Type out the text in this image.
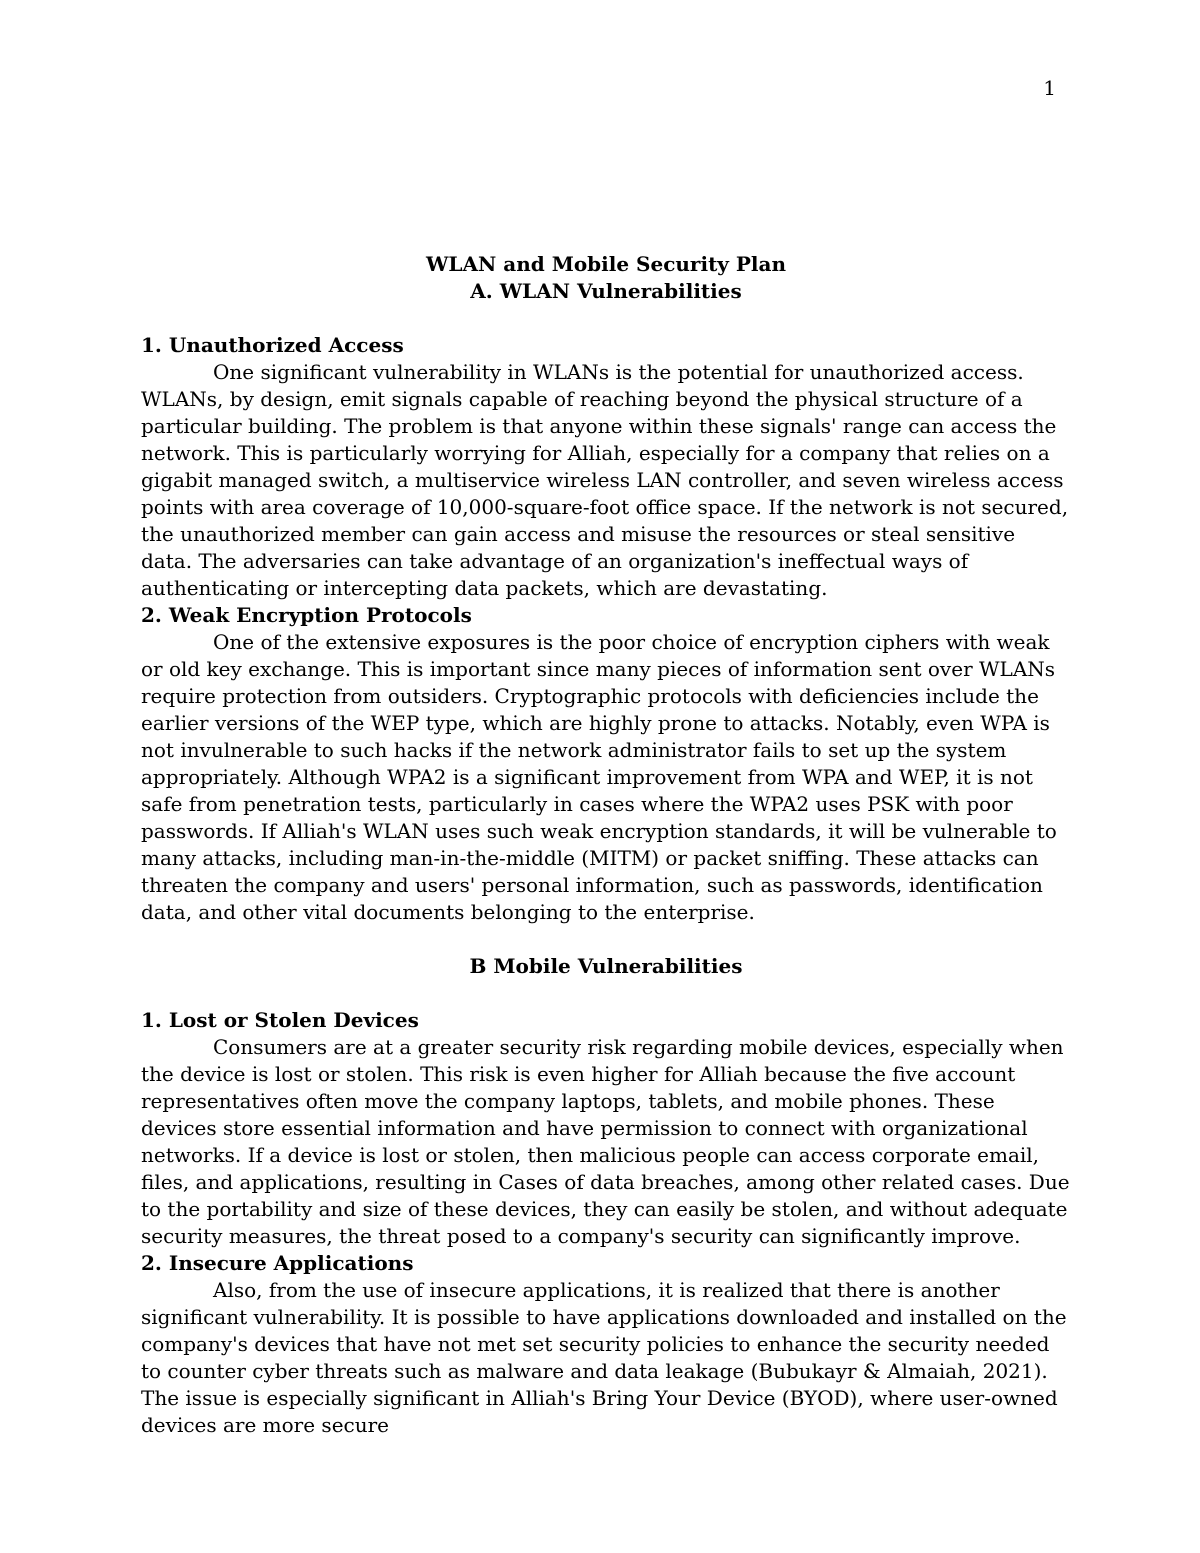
1
WLAN and Mobile Security Plan
A. WLAN Vulnerabilities
1. Unauthorized Access

One significant vulnerability in WLANs is the potential for unauthorized access. WLANs, by design, emit signals capable of reaching beyond the physical structure of a particular building. The problem is that anyone within these signals' range can access the network. This is particularly worrying for Alliah, especially for a company that relies on a gigabit managed switch, a multiservice wireless LAN controller, and seven wireless access points with area coverage of 10,000-square-foot office space. If the network is not secured, the unauthorized member can gain access and misuse the resources or steal sensitive data. The adversaries can take advantage of an organization's ineffectual ways of authenticating or intercepting data packets, which are devastating.

2. Weak Encryption Protocols

One of the extensive exposures is the poor choice of encryption ciphers with weak or old key exchange. This is important since many pieces of information sent over WLANs require protection from outsiders. Cryptographic protocols with deficiencies include the earlier versions of the WEP type, which are highly prone to attacks. Notably, even WPA is not invulnerable to such hacks if the network administrator fails to set up the system appropriately. Although WPA2 is a significant improvement from WPA and WEP, it is not safe from penetration tests, particularly in cases where the WPA2 uses PSK with poor passwords. If Alliah's WLAN uses such weak encryption standards, it will be vulnerable to many attacks, including man-in-the-middle (MITM) or packet sniffing. These attacks can threaten the company and users' personal information, such as passwords, identification data, and other vital documents belonging to the enterprise.

B Mobile Vulnerabilities
1. Lost or Stolen Devices

Consumers are at a greater security risk regarding mobile devices, especially when the device is lost or stolen. This risk is even higher for Alliah because the five account representatives often move the company laptops, tablets, and mobile phones. These devices store essential information and have permission to connect with organizational networks. If a device is lost or stolen, then malicious people can access corporate email, files, and applications, resulting in Cases of data breaches, among other related cases. Due to the portability and size of these devices, they can easily be stolen, and without adequate security measures, the threat posed to a company's security can significantly improve.

2. Insecure Applications

Also, from the use of insecure applications, it is realized that there is another significant vulnerability. It is possible to have applications downloaded and installed on the company's devices that have not met set security policies to enhance the security needed to counter cyber threats such as malware and data leakage (Bubukayr & Almaiah, 2021). The issue is especially significant in Alliah's Bring Your Device (BYOD), where user-owned devices are more secure
